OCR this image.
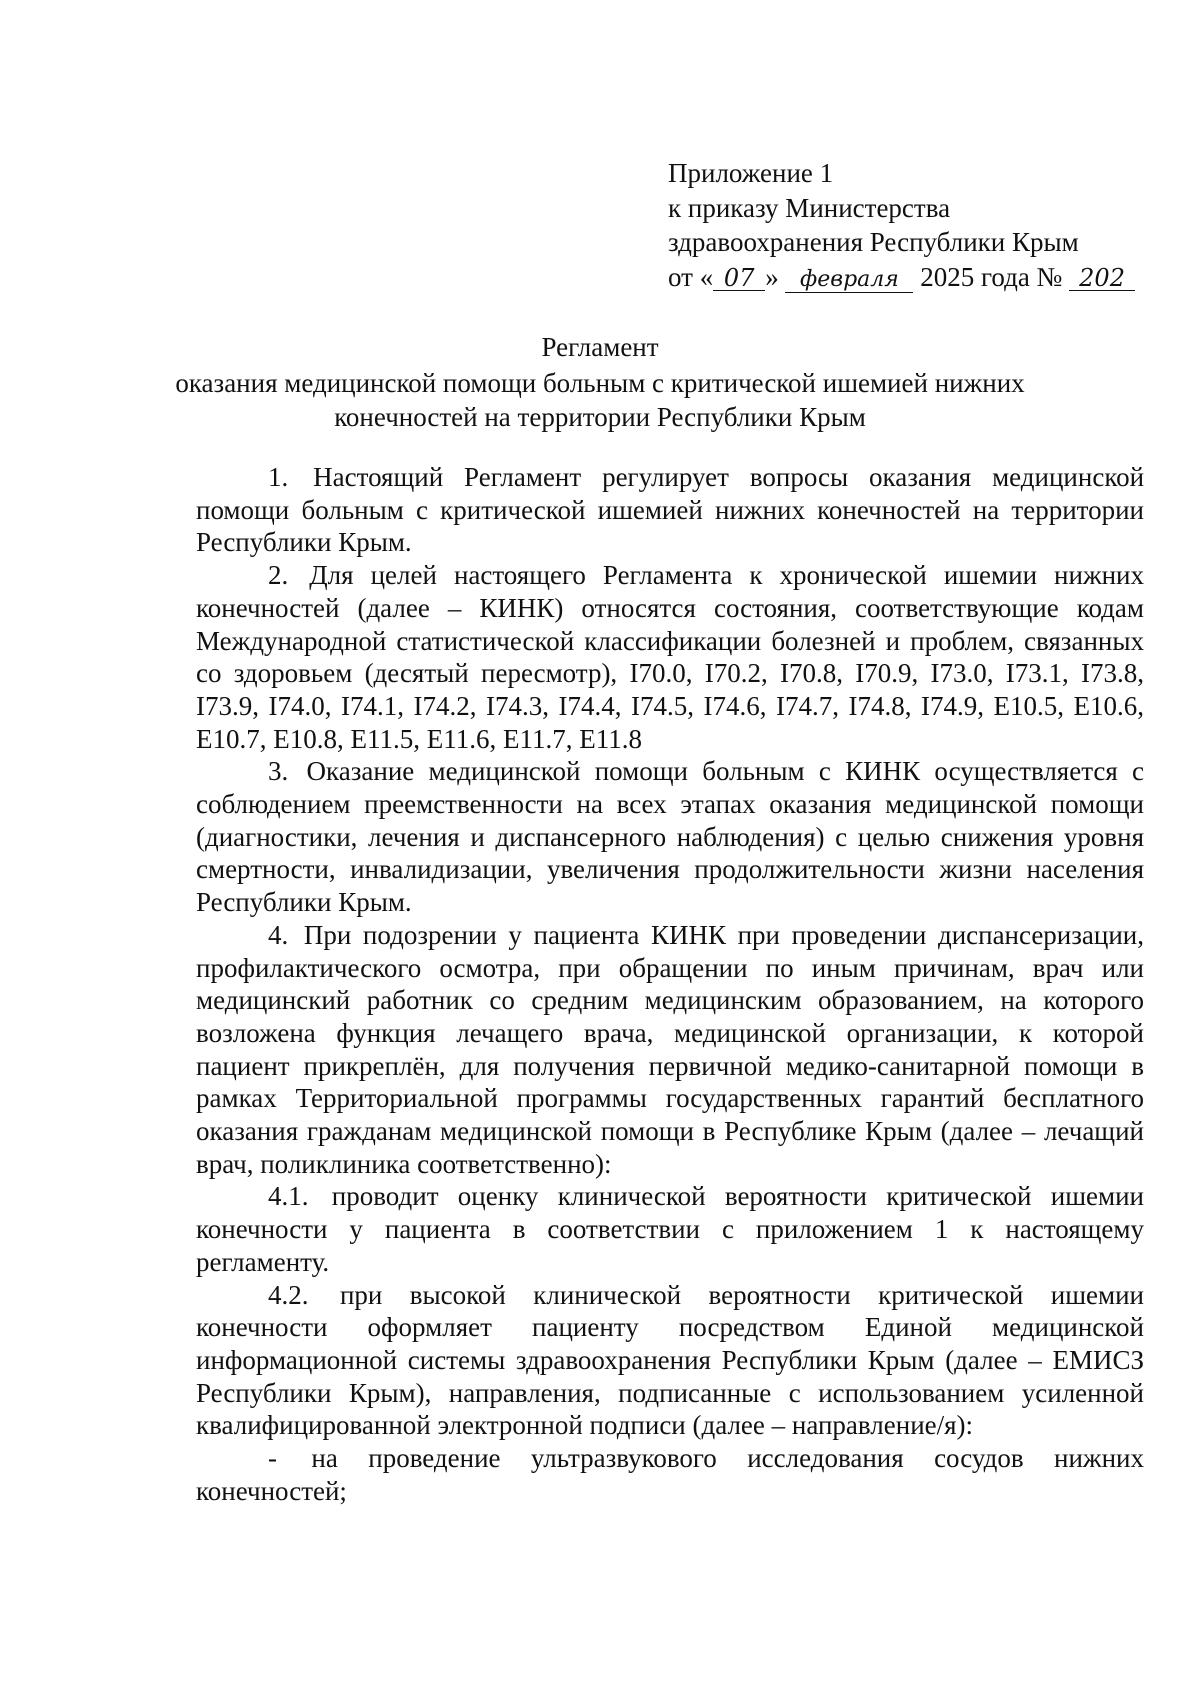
Приложение 1
к приказу Министерства
здравоохранения Республики Крым
от « 07 » февраля 2025 года № 202
Регламент
оказания медицинской помощи больным с критической ишемией нижних конечностей на территории Республики Крым

1. Настоящий Регламент регулирует вопросы оказания медицинской помощи больным с критической ишемией нижних конечностей на территории Республики Крым.

2. Для целей настоящего Регламента к хронической ишемии нижних конечностей (далее – КИНК) относятся состояния, соответствующие кодам Международной статистической классификации болезней и проблем, связанных со здоровьем (десятый пересмотр), I70.0, I70.2, I70.8, I70.9, I73.0, I73.1, I73.8, I73.9, I74.0, I74.1, I74.2, I74.3, I74.4, I74.5, I74.6, I74.7, I74.8, I74.9, E10.5, E10.6, E10.7, E10.8, E11.5, E11.6, E11.7, E11.8

3. Оказание медицинской помощи больным с КИНК осуществляется с соблюдением преемственности на всех этапах оказания медицинской помощи (диагностики, лечения и диспансерного наблюдения) с целью снижения уровня смертности, инвалидизации, увеличения продолжительности жизни населения Республики Крым.

4. При подозрении у пациента КИНК при проведении диспансеризации, профилактического осмотра, при обращении по иным причинам, врач или медицинский работник со средним медицинским образованием, на которого возложена функция лечащего врача, медицинской организации, к которой пациент прикреплён, для получения первичной медико-санитарной помощи в рамках Территориальной программы государственных гарантий бесплатного оказания гражданам медицинской помощи в Республике Крым (далее – лечащий врач, поликлиника соответственно):

4.1. проводит оценку клинической вероятности критической ишемии конечности у пациента в соответствии с приложением 1 к настоящему регламенту.

4.2. при высокой клинической вероятности критической ишемии конечности оформляет пациенту посредством Единой медицинской информационной системы здравоохранения Республики Крым (далее – ЕМИСЗ Республики Крым), направления, подписанные с использованием усиленной квалифицированной электронной подписи (далее – направление/я):

- на проведение ультразвукового исследования сосудов нижних конечностей;
